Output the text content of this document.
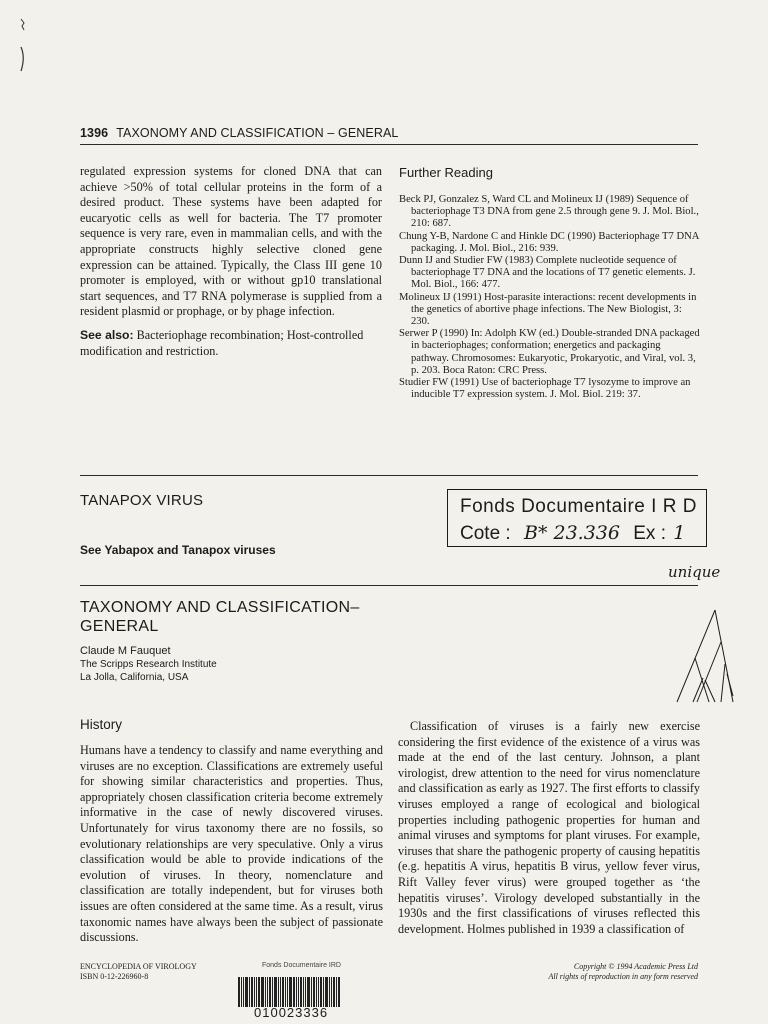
1396 TAXONOMY AND CLASSIFICATION – GENERAL

regulated expression systems for cloned DNA that can achieve >50% of total cellular proteins in the form of a desired product. These systems have been adapted for eucaryotic cells as well for bacteria. The T7 promoter sequence is very rare, even in mammalian cells, and with the appropriate constructs highly selective cloned gene expression can be attained. Typically, the Class III gene 10 promoter is employed, with or without gp10 translational start sequences, and T7 RNA polymerase is supplied from a resident plasmid or prophage, or by phage infection.

See also: Bacteriophage recombination; Host-controlled modification and restriction.

Further Reading
Beck PJ, Gonzalez S, Ward CL and Molineux IJ (1989) Sequence of bacteriophage T3 DNA from gene 2.5 through gene 9. J. Mol. Biol., 210: 687.
Chung Y-B, Nardone C and Hinkle DC (1990) Bacteriophage T7 DNA packaging. J. Mol. Biol., 216: 939.
Dunn IJ and Studier FW (1983) Complete nucleotide sequence of bacteriophage T7 DNA and the locations of T7 genetic elements. J. Mol. Biol., 166: 477.
Molineux IJ (1991) Host-parasite interactions: recent developments in the genetics of abortive phage infections. The New Biologist, 3: 230.
Serwer P (1990) In: Adolph KW (ed.) Double-stranded DNA packaged in bacteriophages; conformation; energetics and packaging pathway. Chromosomes: Eukaryotic, Prokaryotic, and Viral, vol. 3, p. 203. Boca Raton: CRC Press.
Studier FW (1991) Use of bacteriophage T7 lysozyme to improve an inducible T7 expression system. J. Mol. Biol. 219: 37.
TANAPOX VIRUS
See Yabapox and Tanapox viruses
Fonds Documentaire I R D
Cote : B* 23.336 Ex : 1
unique
TAXONOMY AND CLASSIFICATION–
GENERAL
Claude M Fauquet
The Scripps Research Institute
La Jolla, California, USA
History

Humans have a tendency to classify and name everything and viruses are no exception. Classifications are extremely useful for showing similar characteristics and properties. Thus, appropriately chosen classification criteria become extremely informative in the case of newly discovered viruses. Unfortunately for virus taxonomy there are no fossils, so evolutionary relationships are very speculative. Only a virus classification would be able to provide indications of the evolution of viruses. In theory, nomenclature and classification are totally independent, but for viruses both issues are often considered at the same time. As a result, virus taxonomic names have always been the subject of passionate discussions.

Classification of viruses is a fairly new exercise considering the first evidence of the existence of a virus was made at the end of the last century. Johnson, a plant virologist, drew attention to the need for virus nomenclature and classification as early as 1927. The first efforts to classify viruses employed a range of ecological and biological properties including pathogenic properties for human and animal viruses and symptoms for plant viruses. For example, viruses that share the pathogenic property of causing hepatitis (e.g. hepatitis A virus, hepatitis B virus, yellow fever virus, Rift Valley fever virus) were grouped together as ‘the hepatitis viruses’. Virology developed substantially in the 1930s and the first classifications of viruses reflected this development. Holmes published in 1939 a classification of

ENCYCLOPEDIA OF VIROLOGY
ISBN 0-12-226960-8
Fonds Documentaire IRD
010023336
Copyright © 1994 Academic Press Ltd
All rights of reproduction in any form reserved
